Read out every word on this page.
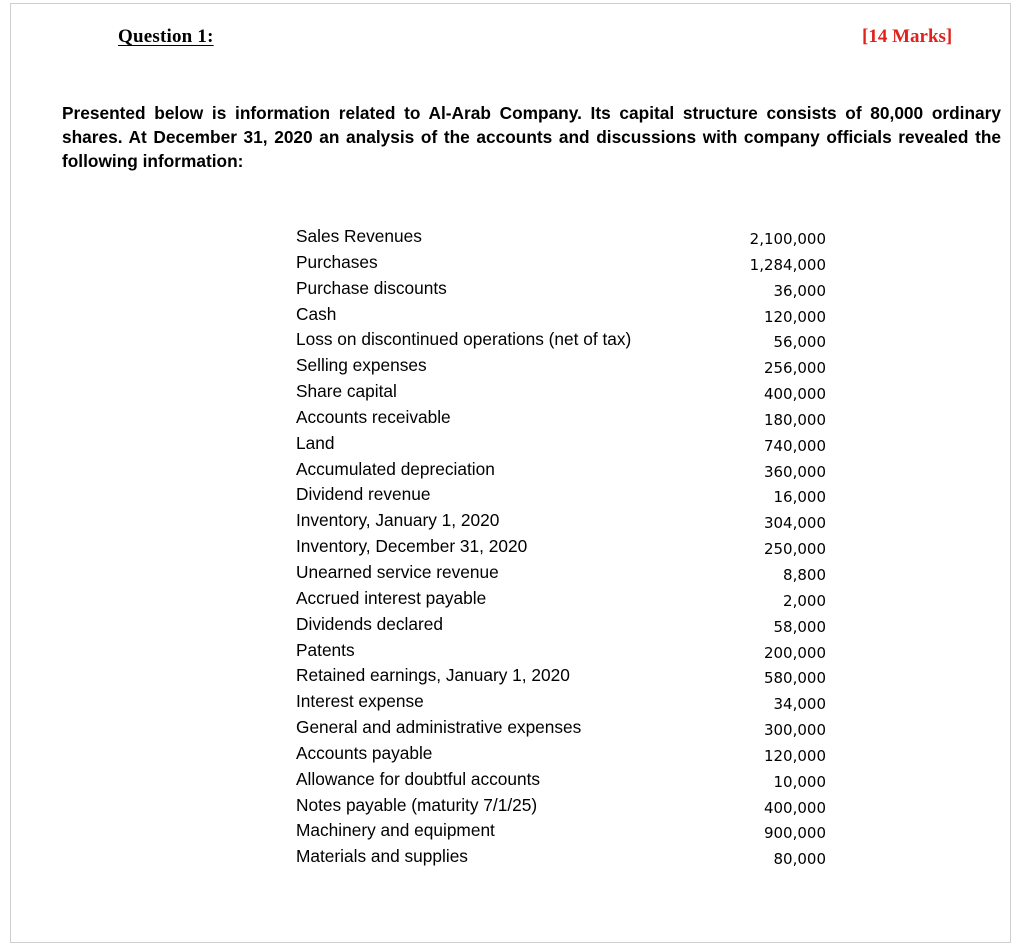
Question 1:	[14 Marks]

Presented below is information related to Al-Arab Company. Its capital structure consists of 80,000 ordinary shares. At December 31, 2020 an analysis of the accounts and discussions with company officials revealed the following information:

Sales Revenues	2,100,000
Purchases	1,284,000
Purchase discounts	36,000
Cash	120,000
Loss on discontinued operations (net of tax)	56,000
Selling expenses	256,000
Share capital	400,000
Accounts receivable	180,000
Land	740,000
Accumulated depreciation	360,000
Dividend revenue	16,000
Inventory, January 1, 2020	304,000
Inventory, December 31, 2020	250,000
Unearned service revenue	8,800
Accrued interest payable	2,000
Dividends declared	58,000
Patents	200,000
Retained earnings, January 1, 2020	580,000
Interest expense	34,000
General and administrative expenses	300,000
Accounts payable	120,000
Allowance for doubtful accounts	10,000
Notes payable (maturity 7/1/25)	400,000
Machinery and equipment	900,000
Materials and supplies	80,000
